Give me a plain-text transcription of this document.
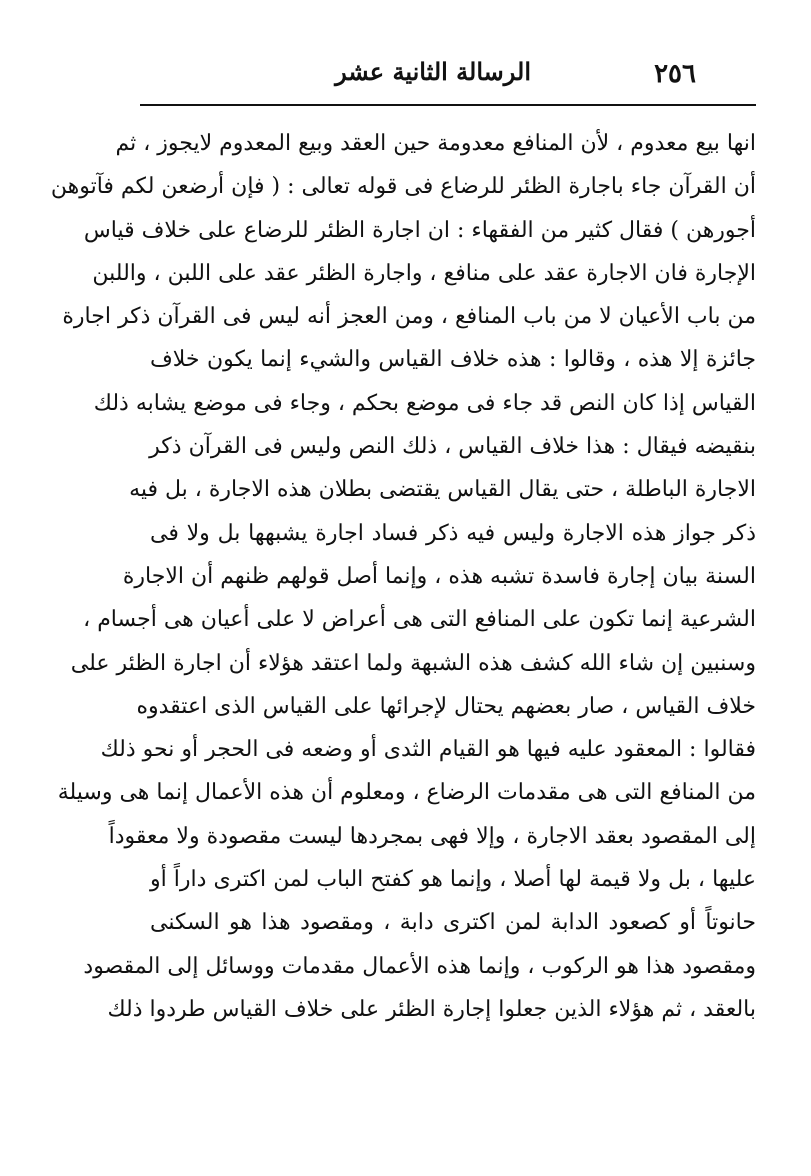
٢٥٦
الرسالة الثانية عشر
انها بيع معدوم ، لأن المنافع معدومة حين العقد وبيع المعدوم لايجوز ، ثم
أن القرآن جاء باجارة الظئر للرضاع فى قوله تعالى : ( فإن أرضعن لكم فآتوهن
أجورهن ) فقال كثير من الفقهاء : ان اجارة الظئر للرضاع على خلاف قياس
الإجارة فان الاجارة عقد على منافع ، واجارة الظئر عقد على اللبن ، واللبن
من باب الأعيان لا من باب المنافع ، ومن العجز أنه ليس فى القرآن ذكر اجارة
جائزة إلا هذه ، وقالوا : هذه خلاف القياس والشيء إنما يكون خلاف
القياس إذا كان النص قد جاء فى موضع بحكم ، وجاء فى موضع يشابه ذلك
بنقيضه فيقال : هذا خلاف القياس ، ذلك النص وليس فى القرآن ذكر
الاجارة الباطلة ، حتى يقال القياس يقتضى بطلان هذه الاجارة ، بل فيه
ذكر جواز هذه الاجارة وليس فيه ذكر فساد اجارة يشبهها بل ولا فى
السنة بيان إجارة فاسدة تشبه هذه ، وإنما أصل قولهم ظنهم أن الاجارة
الشرعية إنما تكون على المنافع التى هى أعراض لا على أعيان هى أجسام ،
وسنبين إن شاء الله كشف هذه الشبهة ولما اعتقد هؤلاء أن اجارة الظئر على
خلاف القياس ، صار بعضهم يحتال لإجرائها على القياس الذى اعتقدوه
فقالوا : المعقود عليه فيها هو القيام الثدى أو وضعه فى الحجر أو نحو ذلك
من المنافع التى هى مقدمات الرضاع ، ومعلوم أن هذه الأعمال إنما هى وسيلة
إلى المقصود بعقد الاجارة ، وإلا فهى بمجردها ليست مقصودة ولا معقوداً
عليها ، بل ولا قيمة لها أصلا ، وإنما هو كفتح الباب لمن اكترى داراً أو
حانوتاً أو كصعود الدابة لمن اكترى دابة ، ومقصود هذا هو السكنى
ومقصود هذا هو الركوب ، وإنما هذه الأعمال مقدمات ووسائل إلى المقصود
بالعقد ، ثم هؤلاء الذين جعلوا إجارة الظئر على خلاف القياس طردوا ذلك
